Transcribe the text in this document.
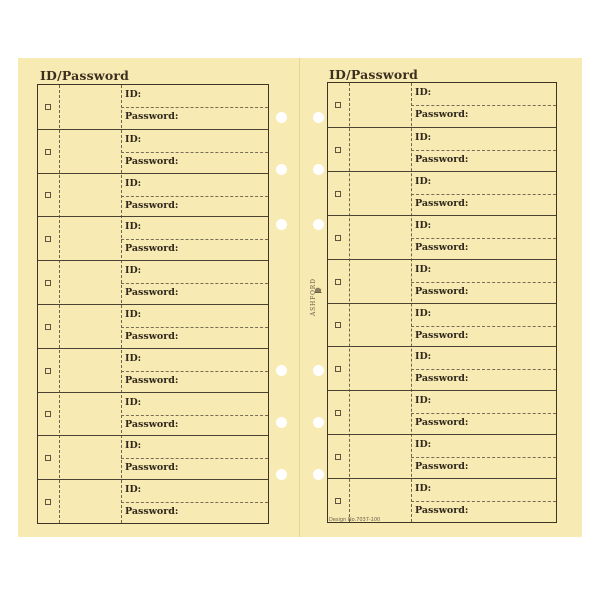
ID/Password	ID/Password
ID:
Password:
ID:
Password:
ID:
Password:
ID:
Password:
ID:
Password:
ID:
Password:
ID:
Password:
ID:
Password:
ID:
Password:
ID:
Password:
ID:
Password:
ID:
Password:
ID:
Password:
ID:
Password:
ID:
Password:
ID:
Password:
ID:
Password:
ID:
Password:
ID:
Password:
ID:
Password:
ASHFORD
Design No.7037-100
